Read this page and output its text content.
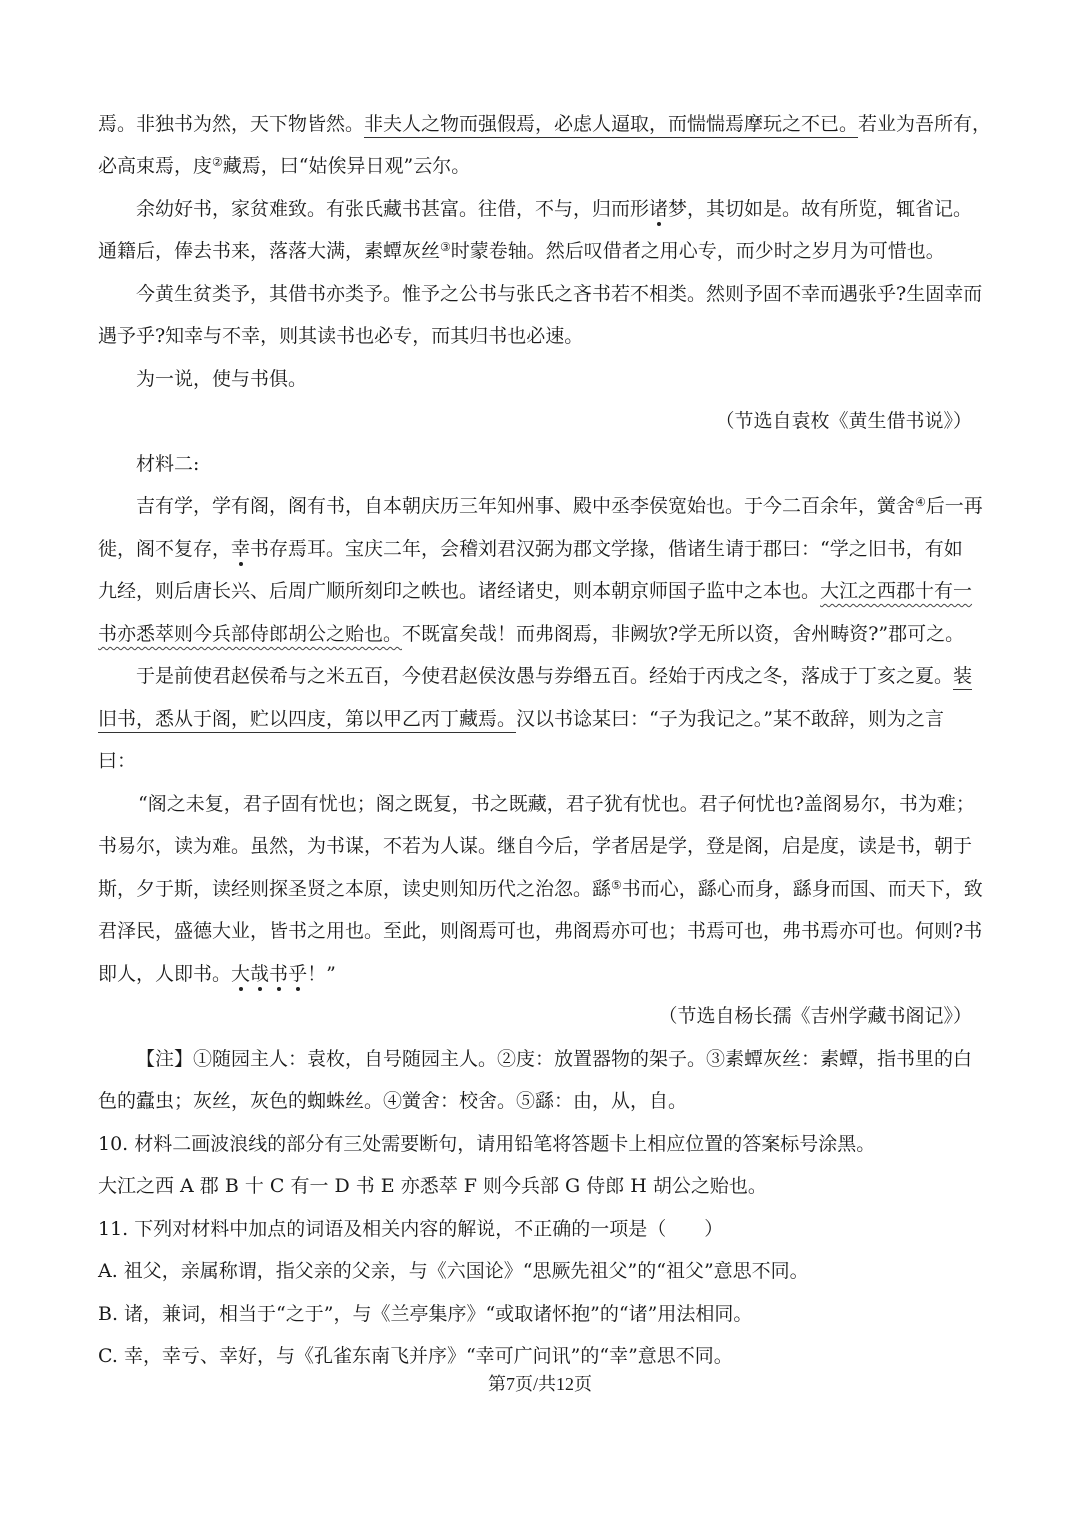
焉。非独书为然，天下物皆然。非夫人之物而强假焉，必虑人逼取，而惴惴焉摩玩之不已。若业为吾所有，
必高束焉，庋②藏焉，曰“姑俟异日观”云尔。
余幼好书，家贫难致。有张氏藏书甚富。往借，不与，归而形诸梦，其切如是。故有所览，辄省记。
通籍后，俸去书来，落落大满，素蟫灰丝③时蒙卷轴。然后叹借者之用心专，而少时之岁月为可惜也。
今黄生贫类予，其借书亦类予。惟予之公书与张氏之吝书若不相类。然则予固不幸而遇张乎?生固幸而
遇予乎?知幸与不幸，则其读书也必专，而其归书也必速。
为一说，使与书俱。
（节选自袁枚《黄生借书说》）
材料二:
吉有学，学有阁，阁有书，自本朝庆历三年知州事、殿中丞李侯宽始也。于今二百余年，黉舍④后一再
徙，阁不复存，幸书存焉耳。宝庆二年，会稽刘君汉弼为郡文学掾，偕诸生请于郡曰：“学之旧书，有如
九经，则后唐长兴、后周广顺所刻印之帙也。诸经诸史，则本朝京师国子监中之本也。大江之西郡十有一
书亦悉萃则今兵部侍郎胡公之贻也。不既富矣哉！而弗阁焉，非阙欤?学无所以资，舍州畴资?”郡可之。
于是前使君赵侯希与之米五百，今使君赵侯汝愚与券缗五百。经始于丙戌之冬，落成于丁亥之夏。装
旧书，悉从于阁，贮以四庋，第以甲乙丙丁藏焉。汉以书谂某曰：“子为我记之。”某不敢辞，则为之言
曰：
“阁之未复，君子固有忧也；阁之既复，书之既藏，君子犹有忧也。君子何忧也?盖阁易尔，书为难；
书易尔，读为难。虽然，为书谋，不若为人谋。继自今后，学者居是学，登是阁，启是度，读是书，朝于
斯，夕于斯，读经则探圣贤之本原，读史则知历代之治忽。繇⑤书而心，繇心而身，繇身而国、而天下，致
君泽民，盛德大业，皆书之用也。至此，则阁焉可也，弗阁焉亦可也；书焉可也，弗书焉亦可也。何则?书
即人，人即书。大哉书乎！”
（节选自杨长孺《吉州学藏书阁记》）
【注】①随园主人：袁枚，自号随园主人。②庋：放置器物的架子。③素蟫灰丝：素蟫，指书里的白
色的蠹虫；灰丝，灰色的蜘蛛丝。④黉舍：校舍。⑤繇：由，从，自。
10. 材料二画波浪线的部分有三处需要断句，请用铅笔将答题卡上相应位置的答案标号涂黑。
大江之西 A 郡 B 十 C 有一 D 书 E 亦悉萃 F 则今兵部 G 侍郎 H 胡公之贻也。
11. 下列对材料中加点的词语及相关内容的解说，不正确的一项是（　　）
A. 祖父，亲属称谓，指父亲的父亲，与《六国论》“思厥先祖父”的“祖父”意思不同。
B. 诸，兼词，相当于“之于”，与《兰亭集序》“或取诸怀抱”的“诸”用法相同。
C. 幸，幸亏、幸好，与《孔雀东南飞并序》“幸可广问讯”的“幸”意思不同。
第7页/共12页
